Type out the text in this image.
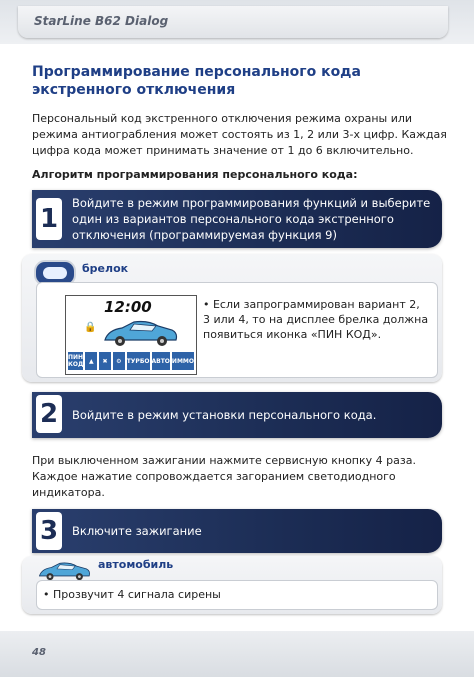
StarLine B62 Dialog
Программирование персонального кода экстренного отключения
Персональный код экстренного отключения режима охраны или режима антиограбления может состоять из 1, 2 или 3-х цифр. Каждая цифра кода может принимать значение от 1 до 6 включительно.
Алгоритм программирования персонального кода:
1
Войдите в режим программирования функций и выберите один из вариантов персонального кода экстренного отключения (программируемая функция 9)
брелок
12:00
🔒
ПИН КОД ▲	✖	⚙ ТУРБО АВТО ИММО
• Если запрограммирован вариант 2, 3 или 4, то на дисплее брелка должна появиться иконка «ПИН КОД».
2	Войдите в режим установки персонального кода.
При выключенном зажигании нажмите сервисную кнопку 4 раза. Каждое нажатие сопровождается загоранием светодиодного индикатора.
3	Включите зажигание
автомобиль
• Прозвучит 4 сигнала сирены
48
